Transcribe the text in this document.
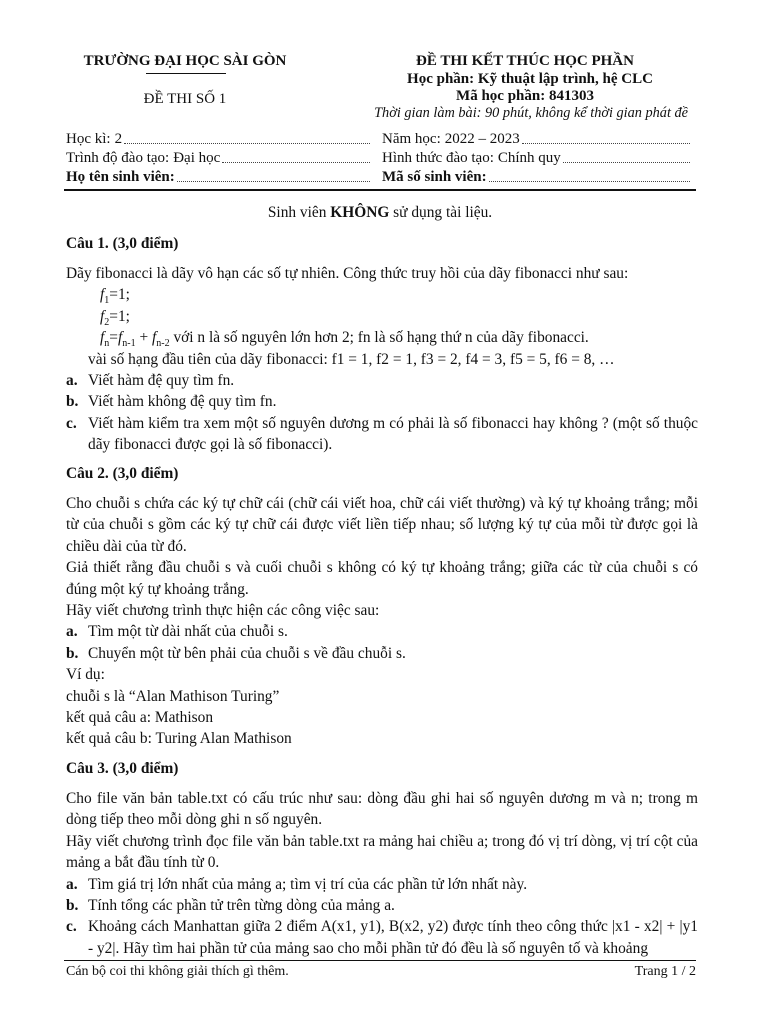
TRƯỜNG ĐẠI HỌC SÀI GÒN
ĐỀ THI SỐ 1
ĐỀ THI KẾT THÚC HỌC PHẦN
Học phần: Kỹ thuật lập trình, hệ CLC
Mã học phần: 841303
Thời gian làm bài: 90 phút, không kể thời gian phát đề
Học kì: 2	Năm học: 2022 – 2023
Trình độ đào tạo: Đại học	Hình thức đào tạo: Chính quy
Họ tên sinh viên:	Mã số sinh viên:
Sinh viên KHÔNG sử dụng tài liệu.
Câu 1. (3,0 điểm)
Dãy fibonacci là dãy vô hạn các số tự nhiên. Công thức truy hồi của dãy fibonacci như sau:
$f_1=1$;
$f_2=1$;
$f_n=f_{n-1} + f_{n-2}$ với n là số nguyên lớn hơn 2; fn là số hạng thứ n của dãy fibonacci.
vài số hạng đầu tiên của dãy fibonacci: f1 = 1, f2 = 1, f3 = 2, f4 = 3, f5 = 5, f6 = 8, …
a. Viết hàm đệ quy tìm fn.
b. Viết hàm không đệ quy tìm fn.
c. Viết hàm kiểm tra xem một số nguyên dương m có phải là số fibonacci hay không ? (một số thuộc dãy fibonacci được gọi là số fibonacci).
Câu 2. (3,0 điểm)
Cho chuỗi s chứa các ký tự chữ cái (chữ cái viết hoa, chữ cái viết thường) và ký tự khoảng trắng; mỗi từ của chuỗi s gồm các ký tự chữ cái được viết liền tiếp nhau; số lượng ký tự của mỗi từ được gọi là chiều dài của từ đó.
Giả thiết rằng đầu chuỗi s và cuối chuỗi s không có ký tự khoảng trắng; giữa các từ của chuỗi s có đúng một ký tự khoảng trắng.
Hãy viết chương trình thực hiện các công việc sau:
a. Tìm một từ dài nhất của chuỗi s.
b. Chuyển một từ bên phải của chuỗi s về đầu chuỗi s.
Ví dụ:
chuỗi s là “Alan Mathison Turing”
kết quả câu a: Mathison
kết quả câu b: Turing Alan Mathison
Câu 3. (3,0 điểm)
Cho file văn bản table.txt có cấu trúc như sau: dòng đầu ghi hai số nguyên dương m và n; trong m dòng tiếp theo mỗi dòng ghi n số nguyên.
Hãy viết chương trình đọc file văn bản table.txt ra mảng hai chiều a; trong đó vị trí dòng, vị trí cột của mảng a bắt đầu tính từ 0.
a. Tìm giá trị lớn nhất của mảng a; tìm vị trí của các phần tử lớn nhất này.
b. Tính tổng các phần tử trên từng dòng của mảng a.
c. Khoảng cách Manhattan giữa 2 điểm A(x1, y1), B(x2, y2) được tính theo công thức |x1 - x2| + |y1 - y2|. Hãy tìm hai phần tử của mảng sao cho mỗi phần tử đó đều là số nguyên tố và khoảng
Cán bộ coi thi không giải thích gì thêm.	Trang 1 / 2
